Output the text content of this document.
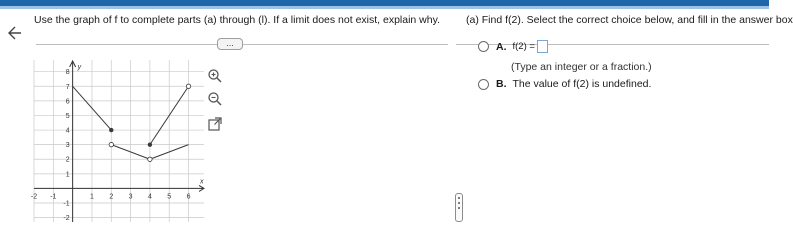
Use the graph of f to complete parts (a) through (l). If a limit does not exist, explain why.
...
-2 -1	1 2 3 4 5 6
-2
-1
1
2
3
4
5
6
7
8
x
y
(a) Find f(2). Select the correct choice below, and fill in the answer box
A. f(2) =
(Type an integer or a fraction.)
B. The value of f(2) is undefined.
